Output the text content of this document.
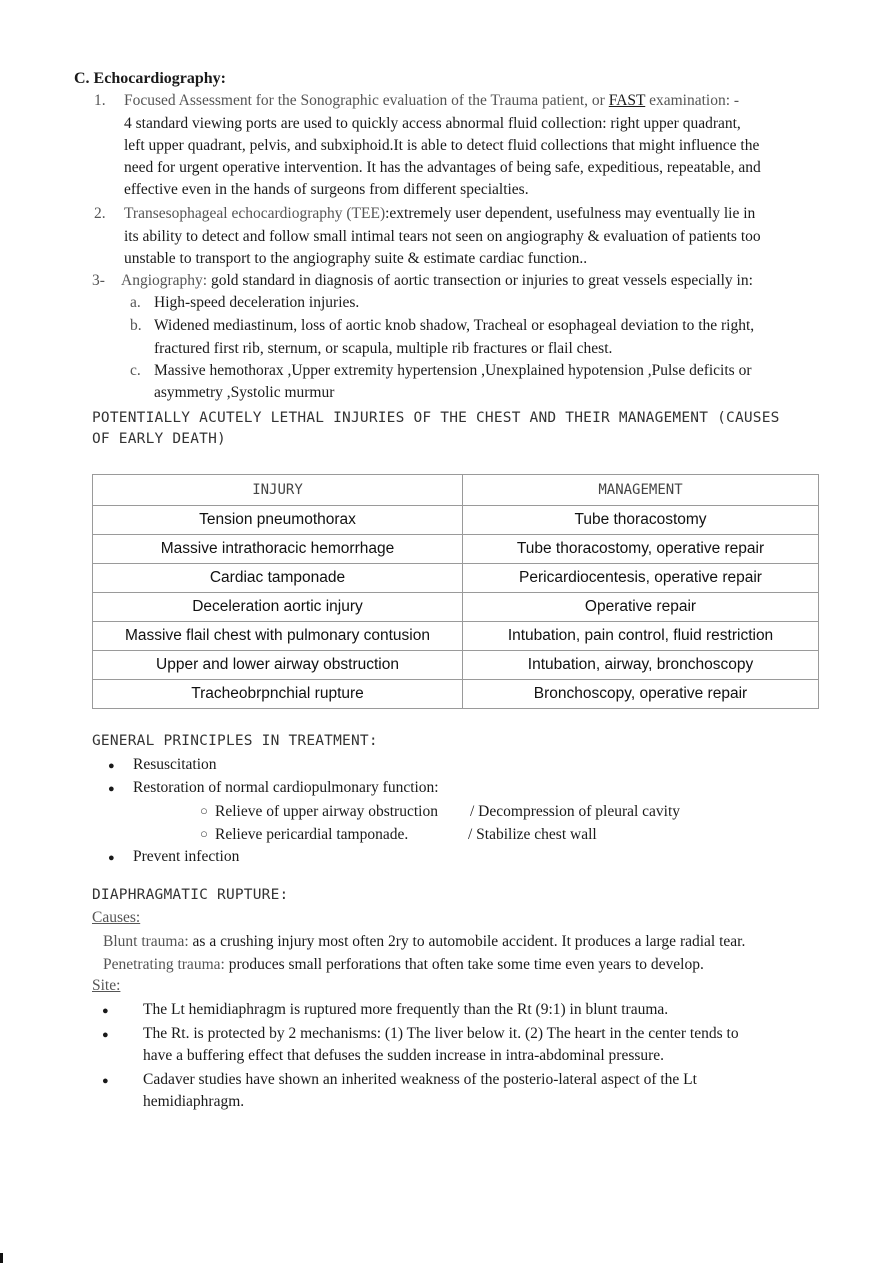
C. Echocardiography:
1. Focused Assessment for the Sonographic evaluation of the Trauma patient, or FAST examination: -
4 standard viewing ports are used to quickly access abnormal fluid collection: right upper quadrant,
left upper quadrant, pelvis, and subxiphoid.It is able to detect fluid collections that might influence the
need for urgent operative intervention. It has the advantages of being safe, expeditious, repeatable, and
effective even in the hands of surgeons from different specialties.
2. Transesophageal echocardiography (TEE):extremely user dependent, usefulness may eventually lie in
its ability to detect and follow small intimal tears not seen on angiography & evaluation of patients too
unstable to transport to the angiography suite & estimate cardiac function..
3- Angiography: gold standard in diagnosis of aortic transection or injuries to great vessels especially in:
a. High-speed deceleration injuries.
b. Widened mediastinum, loss of aortic knob shadow, Tracheal or esophageal deviation to the right,
fractured first rib, sternum, or scapula, multiple rib fractures or flail chest.
c. Massive hemothorax ,Upper extremity hypertension ,Unexplained hypotension ,Pulse deficits or
asymmetry ,Systolic murmur
POTENTIALLY ACUTELY LETHAL INJURIES OF THE CHEST AND THEIR MANAGEMENT (CAUSES
OF EARLY DEATH)
INJURY	MANAGEMENT
Tension pneumothorax	Tube thoracostomy
Massive intrathoracic hemorrhage	Tube thoracostomy, operative repair
Cardiac tamponade	Pericardiocentesis, operative repair
Deceleration aortic injury	Operative repair
Massive flail chest with pulmonary contusion	Intubation, pain control, fluid restriction
Upper and lower airway obstruction	Intubation, airway, bronchoscopy
Tracheobrpnchial rupture	Bronchoscopy, operative repair
GENERAL PRINCIPLES IN TREATMENT:
● Resuscitation
● Restoration of normal cardiopulmonary function:
○ Relieve of upper airway obstruction / Decompression of pleural cavity
○ Relieve pericardial tamponade.	/ Stabilize chest wall
● Prevent infection
DIAPHRAGMATIC RUPTURE:
Causes:
Blunt trauma: as a crushing injury most often 2ry to automobile accident. It produces a large radial tear.
Penetrating trauma: produces small perforations that often take some time even years to develop.
Site:
● The Lt hemidiaphragm is ruptured more frequently than the Rt (9:1) in blunt trauma.
● The Rt. is protected by 2 mechanisms: (1) The liver below it. (2) The heart in the center tends to
have a buffering effect that defuses the sudden increase in intra-abdominal pressure.
● Cadaver studies have shown an inherited weakness of the posterio-lateral aspect of the Lt
hemidiaphragm.
